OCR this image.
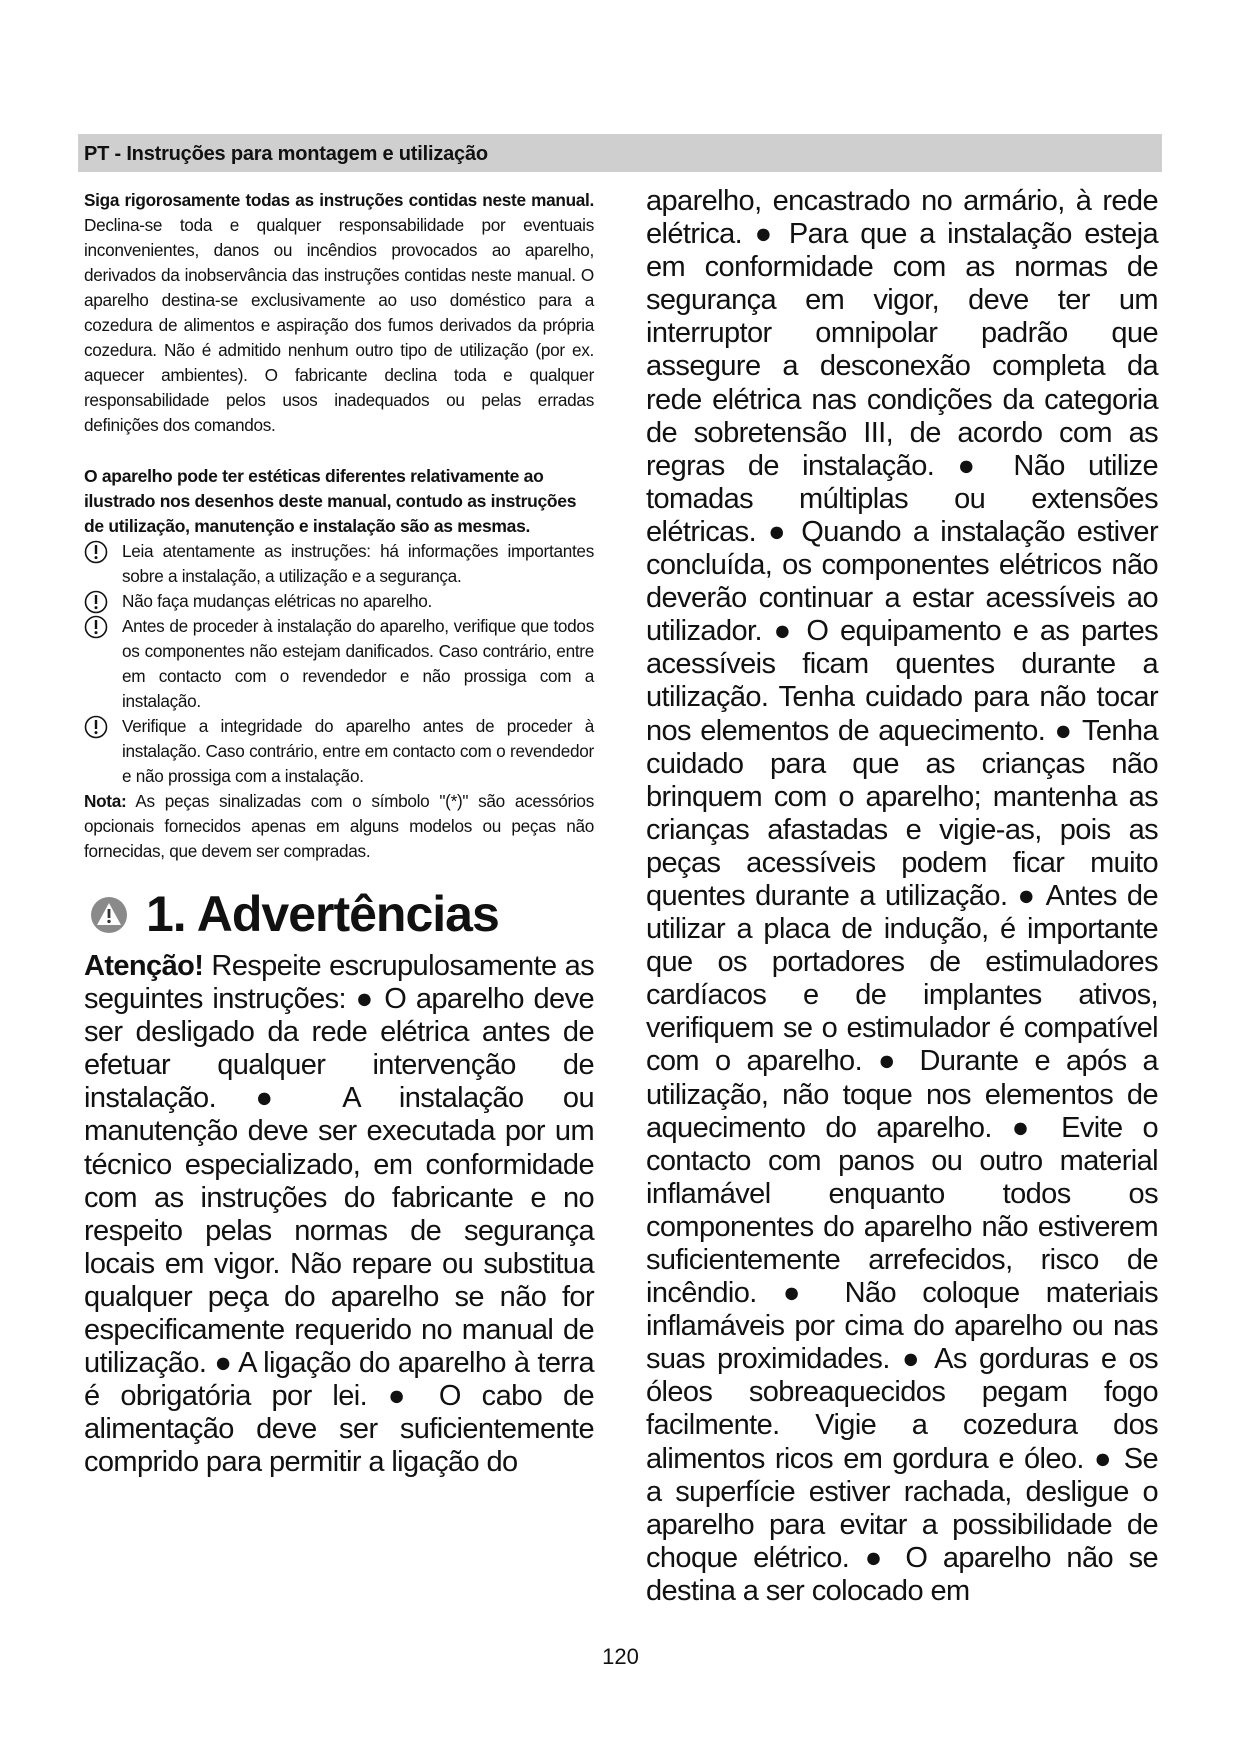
PT - Instruções para montagem e utilização

Siga rigorosamente todas as instruções contidas neste manual. Declina-se toda e qualquer responsabilidade por eventuais inconvenientes, danos ou incêndios provocados ao aparelho, derivados da inobservância das instruções contidas neste manual. O aparelho destina-se exclusivamente ao uso doméstico para a cozedura de alimentos e aspiração dos fumos derivados da própria cozedura. Não é admitido nenhum outro tipo de utilização (por ex. aquecer ambientes). O fabricante declina toda e qualquer responsabilidade pelos usos inadequados ou pelas erradas definições dos comandos.

O aparelho pode ter estéticas diferentes relativamente ao ilustrado nos desenhos deste manual, contudo as instruções de utilização, manutenção e instalação são as mesmas.

Leia atentamente as instruções: há informações importantes sobre a instalação, a utilização e a segurança.

Não faça mudanças elétricas no aparelho.

Antes de proceder à instalação do aparelho, verifique que todos os componentes não estejam danificados. Caso contrário, entre em contacto com o revendedor e não prossiga com a instalação.

Verifique a integridade do aparelho antes de proceder à instalação. Caso contrário, entre em contacto com o revendedor e não prossiga com a instalação.

Nota: As peças sinalizadas com o símbolo "(*)" são acessórios opcionais fornecidos apenas em alguns modelos ou peças não fornecidas, que devem ser compradas.

1. Advertências

Atenção! Respeite escrupulosamente as seguintes instruções: ● O aparelho deve ser desligado da rede elétrica antes de efetuar qualquer intervenção de instalação. ● A instalação ou manutenção deve ser executada por um técnico especializado, em conformidade com as instruções do fabricante e no respeito pelas normas de segurança locais em vigor. Não repare ou substitua qualquer peça do aparelho se não for especificamente requerido no manual de utilização. ● A ligação do aparelho à terra é obrigatória por lei. ● O cabo de alimentação deve ser suficientemente comprido para permitir a ligação do

aparelho, encastrado no armário, à rede elétrica. ● Para que a instalação esteja em conformidade com as normas de segurança em vigor, deve ter um interruptor omnipolar padrão que assegure a desconexão completa da rede elétrica nas condições da categoria de sobretensão III, de acordo com as regras de instalação. ● Não utilize tomadas múltiplas ou extensões elétricas. ● Quando a instalação estiver concluída, os componentes elétricos não deverão continuar a estar acessíveis ao utilizador. ● O equipamento e as partes acessíveis ficam quentes durante a utilização. Tenha cuidado para não tocar nos elementos de aquecimento. ● Tenha cuidado para que as crianças não brinquem com o aparelho; mantenha as crianças afastadas e vigie-as, pois as peças acessíveis podem ficar muito quentes durante a utilização. ● Antes de utilizar a placa de indução, é importante que os portadores de estimuladores cardíacos e de implantes ativos, verifiquem se o estimulador é compatível com o aparelho. ● Durante e após a utilização, não toque nos elementos de aquecimento do aparelho. ● Evite o contacto com panos ou outro material inflamável enquanto todos os componentes do aparelho não estiverem suficientemente arrefecidos, risco de incêndio. ● Não coloque materiais inflamáveis por cima do aparelho ou nas suas proximidades. ● As gorduras e os óleos sobreaquecidos pegam fogo facilmente. Vigie a cozedura dos alimentos ricos em gordura e óleo. ● Se a superfície estiver rachada, desligue o aparelho para evitar a possibilidade de choque elétrico. ● O aparelho não se destina a ser colocado em

120
